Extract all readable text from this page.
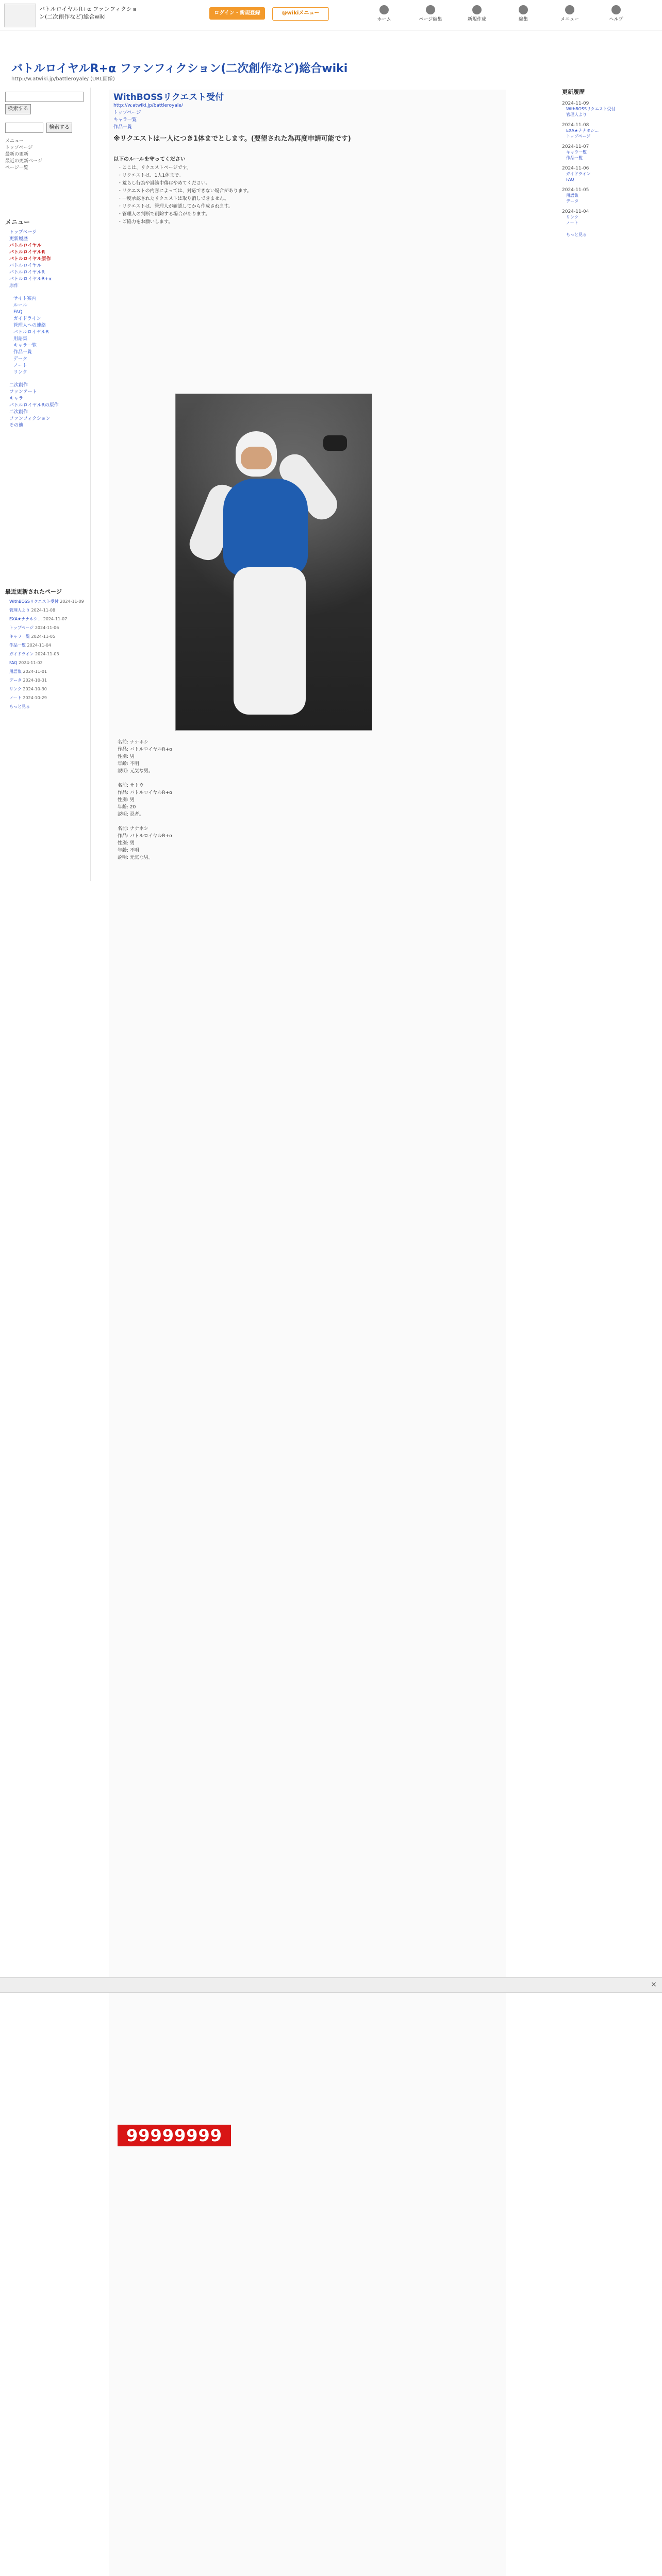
バトルロイヤルR+α ファンフィクション(二次創作など)総合wiki
ログイン・新規登録	@wikiメニュー
ホーム	ページ編集	新規作成	編集	メニュー	ヘルプ
バトルロイヤルR+α ファンフィクション(二次創作など)総合wiki
http://w.atwiki.jp/battleroyale/ (URL画像)
検索する
検索する
メニュー
トップページ
最新の更新
最近の更新ページ
ページ一覧
メニュー
トップページ
更新履歴
バトルロイヤル
バトルロイヤルR
バトルロイヤル原作
バトルロイヤル
バトルロイヤルR
バトルロイヤルR+α
原作
サイト案内
ルール
FAQ
ガイドライン
管理人への連絡
バトルロイヤルR
用語集
キャラ一覧
作品一覧
データ
ノート
リンク
二次創作
ファンアート
キャラ
バトルロイヤルRの原作
二次創作
ファンフィクション
その他
最近更新されたページ
WithBOSSリクエスト受付 2024-11-09
管理人より 2024-11-08
EXA★ナナホシ… 2024-11-07
トップページ 2024-11-06
キャラ一覧 2024-11-05
作品一覧 2024-11-04
ガイドライン 2024-11-03
FAQ 2024-11-02
用語集 2024-11-01
データ 2024-10-31
リンク 2024-10-30
ノート 2024-10-29
もっと見る
WithBOSSリクエスト受付
http://w.atwiki.jp/battleroyale/
トップページ
キャラ一覧
作品一覧
※リクエストは一人につき1体までとします。(要望された為再度申請可能です)
以下のルールを守ってください
・ここは、リクエストページです。
・リクエストは、1人1体まで。
・荒らし行為や誹謗中傷はやめてください。
・リクエストの内容によっては、対応できない場合があります。
・一度承認されたリクエストは取り消しできません。
・リクエストは、管理人が確認してから作成されます。
・管理人の判断で削除する場合があります。
・ご協力をお願いします。
名前: ナナホシ
作品: バトルロイヤルR+α
性別: 男
年齢: 不明
説明: 元気な男。
名前: サトウ
作品: バトルロイヤルR+α
性別: 男
年齢: 20
説明: 忍者。
名前: ナナホシ
作品: バトルロイヤルR+α
性別: 男
年齢: 不明
説明: 元気な男。
99999999
×
更新履歴
2024-11-09
WithBOSSリクエスト受付
管理人より
2024-11-08
EXA★ナナホシ…
トップページ
2024-11-07
キャラ一覧
作品一覧
2024-11-06
ガイドライン
FAQ
2024-11-05
用語集
データ
2024-11-04
リンク
ノート
もっと見る
